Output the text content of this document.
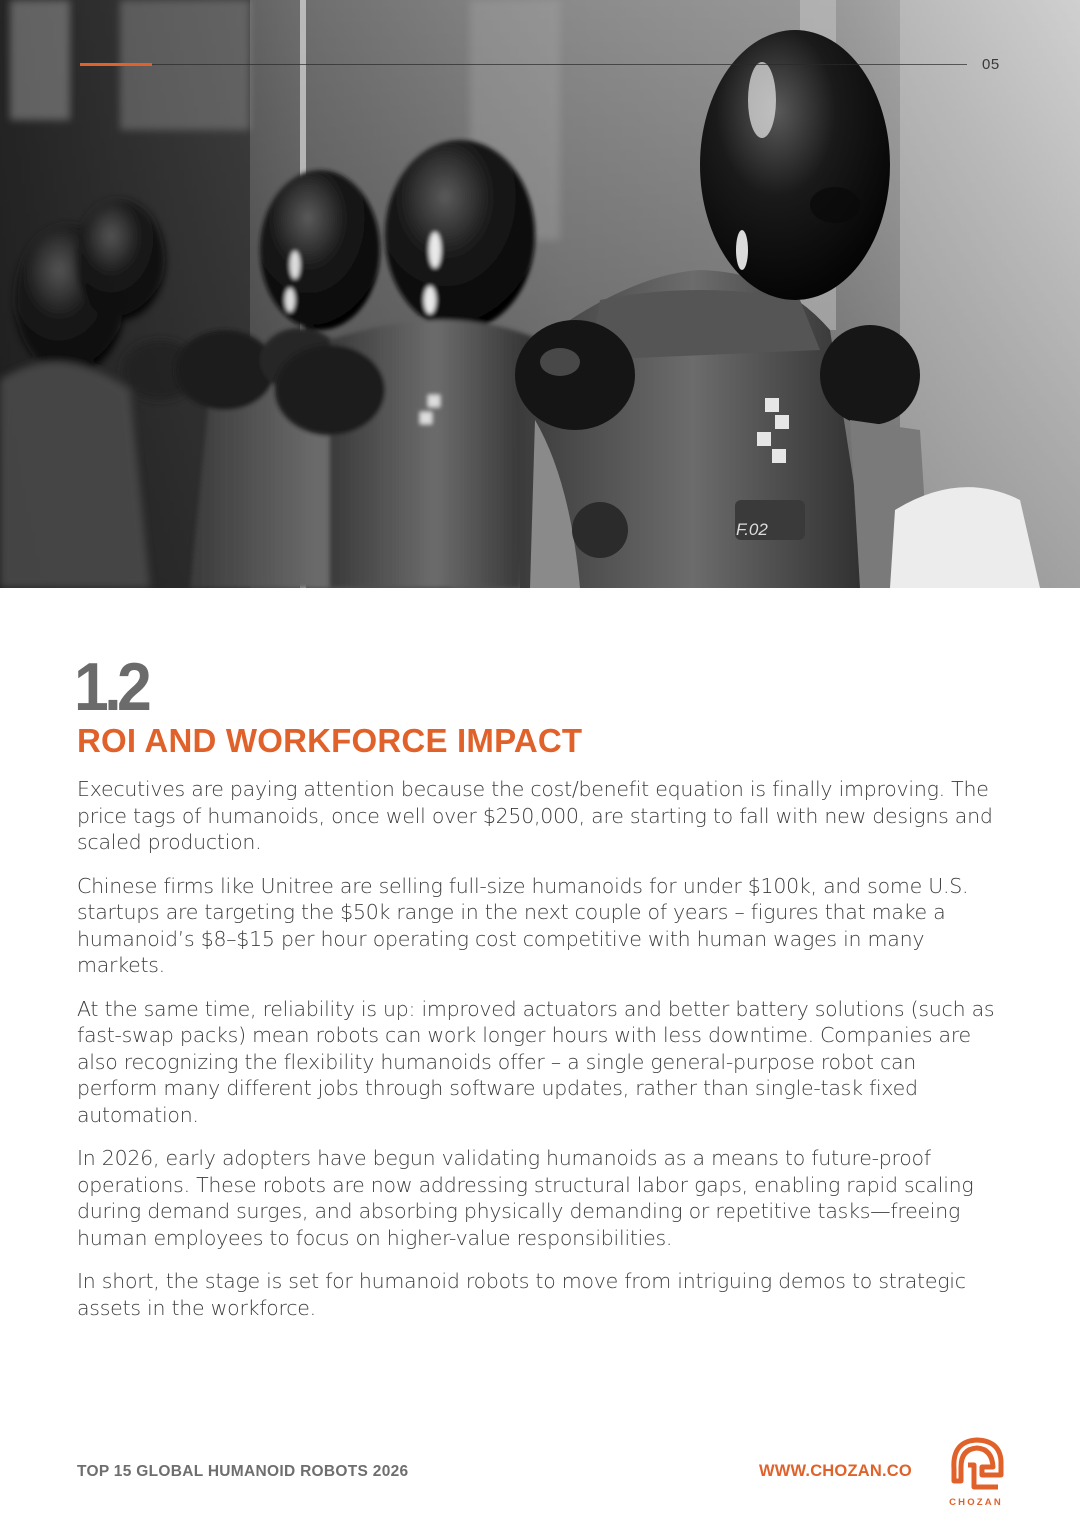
F.02
05
1.2
ROI AND WORKFORCE IMPACT

Executives are paying attention because the cost/benefit equation is finally improving. The price tags of humanoids, once well over $250,000, are starting to fall with new designs and scaled production.

Chinese firms like Unitree are selling full-size humanoids for under $100k, and some U.S. startups are targeting the $50k range in the next couple of years – figures that make a humanoid’s $8–$15 per hour operating cost competitive with human wages in many markets.

At the same time, reliability is up: improved actuators and better battery solutions (such as fast-swap packs) mean robots can work longer hours with less downtime. Companies are also recognizing the flexibility humanoids offer – a single general-purpose robot can perform many different jobs through software updates, rather than single-task fixed automation.

In 2026, early adopters have begun validating humanoids as a means to future-proof operations. These robots are now addressing structural labor gaps, enabling rapid scaling during demand surges, and absorbing physically demanding or repetitive tasks—freeing human employees to focus on higher-value responsibilities.

In short, the stage is set for humanoid robots to move from intriguing demos to strategic assets in the workforce.

TOP 15 GLOBAL HUMANOID ROBOTS 2026	WWW.CHOZAN.CO
CHOZAN
